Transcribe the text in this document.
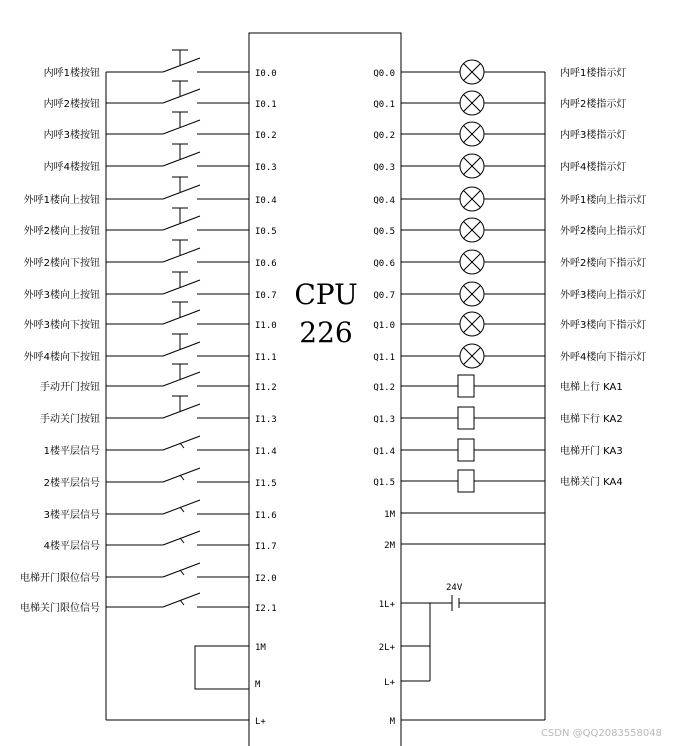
CPU
226
CSDN @QQ2083558048
内呼1楼按钮	I0.0
内呼2楼按钮	I0.1
内呼3楼按钮	I0.2
内呼4楼按钮	I0.3
外呼1楼向上按钮	I0.4
外呼2楼向上按钮	I0.5
外呼2楼向下按钮	I0.6
外呼3楼向上按钮	I0.7
外呼3楼向下按钮	I1.0
外呼4楼向下按钮	I1.1
手动开门按钮	I1.2
手动关门按钮	I1.3
1楼平层信号	I1.4
2楼平层信号	I1.5
3楼平层信号	I1.6
4楼平层信号	I1.7
电梯开门限位信号	I2.0
电梯关门限位信号	I2.1
Q0.0	内呼1楼指示灯
Q0.1	内呼2楼指示灯
Q0.2	内呼3楼指示灯
Q0.3	内呼4楼指示灯
Q0.4	外呼1楼向上指示灯
Q0.5	外呼2楼向上指示灯
Q0.6	外呼2楼向下指示灯
Q0.7	外呼3楼向上指示灯
Q1.0	外呼3楼向下指示灯
Q1.1	外呼4楼向下指示灯
Q1.2	电梯上行 KA1
Q1.3	电梯下行 KA2
Q1.4	电梯开门 KA3
Q1.5	电梯关门 KA4
1M
M
L+
1M
2M
1L+
2L+
L+
M
24V
